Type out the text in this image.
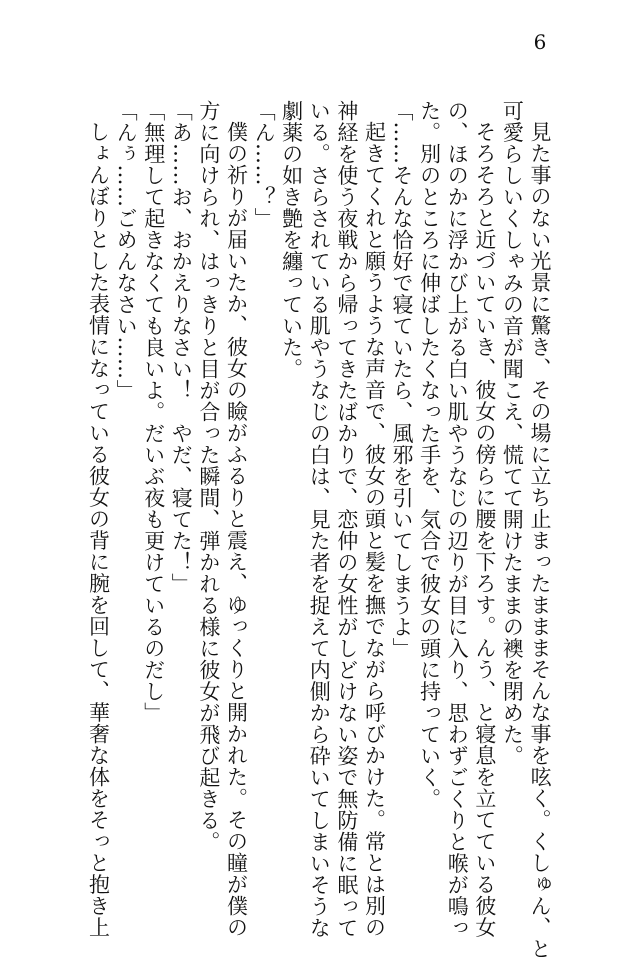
6
見た事のない光景に驚き、その場に立ち止まったまままそんな事を呟く。くしゅん、と
可愛らしいくしゃみの音が聞こえ、慌てて開けたままの襖を閉めた。
そろそろと近づいていき、彼女の傍らに腰を下ろす。んう、と寝息を立てている彼女
の、ほのかに浮かび上がる白い肌やうなじの辺りが目に入り、思わずごくりと喉が鳴っ
た。別のところに伸ばしたくなった手を、気合で彼女の頭に持っていく。
「……そんな恰好で寝ていたら、風邪を引いてしまうよ」
起きてくれと願うような声音で、彼女の頭と髪を撫でながら呼びかけた。常とは別の
神経を使う夜戦から帰ってきたばかりで、恋仲の女性がしどけない姿で無防備に眠って
いる。さらされている肌やうなじの白は、見た者を捉えて内側から砕いてしまいそうな
劇薬の如き艶を纏っていた。
「ん……？」
僕の祈りが届いたか、彼女の瞼がふるりと震え、ゆっくりと開かれた。その瞳が僕の
方に向けられ、はっきりと目が合った瞬間、弾かれる様に彼女が飛び起きる。
「あ……お、おかえりなさい！　やだ、寝てた！」
「無理して起きなくても良いよ。だいぶ夜も更けているのだし」
「んぅ……ごめんなさい……」
しょんぼりとした表情になっている彼女の背に腕を回して、華奢な体をそっと抱き上
